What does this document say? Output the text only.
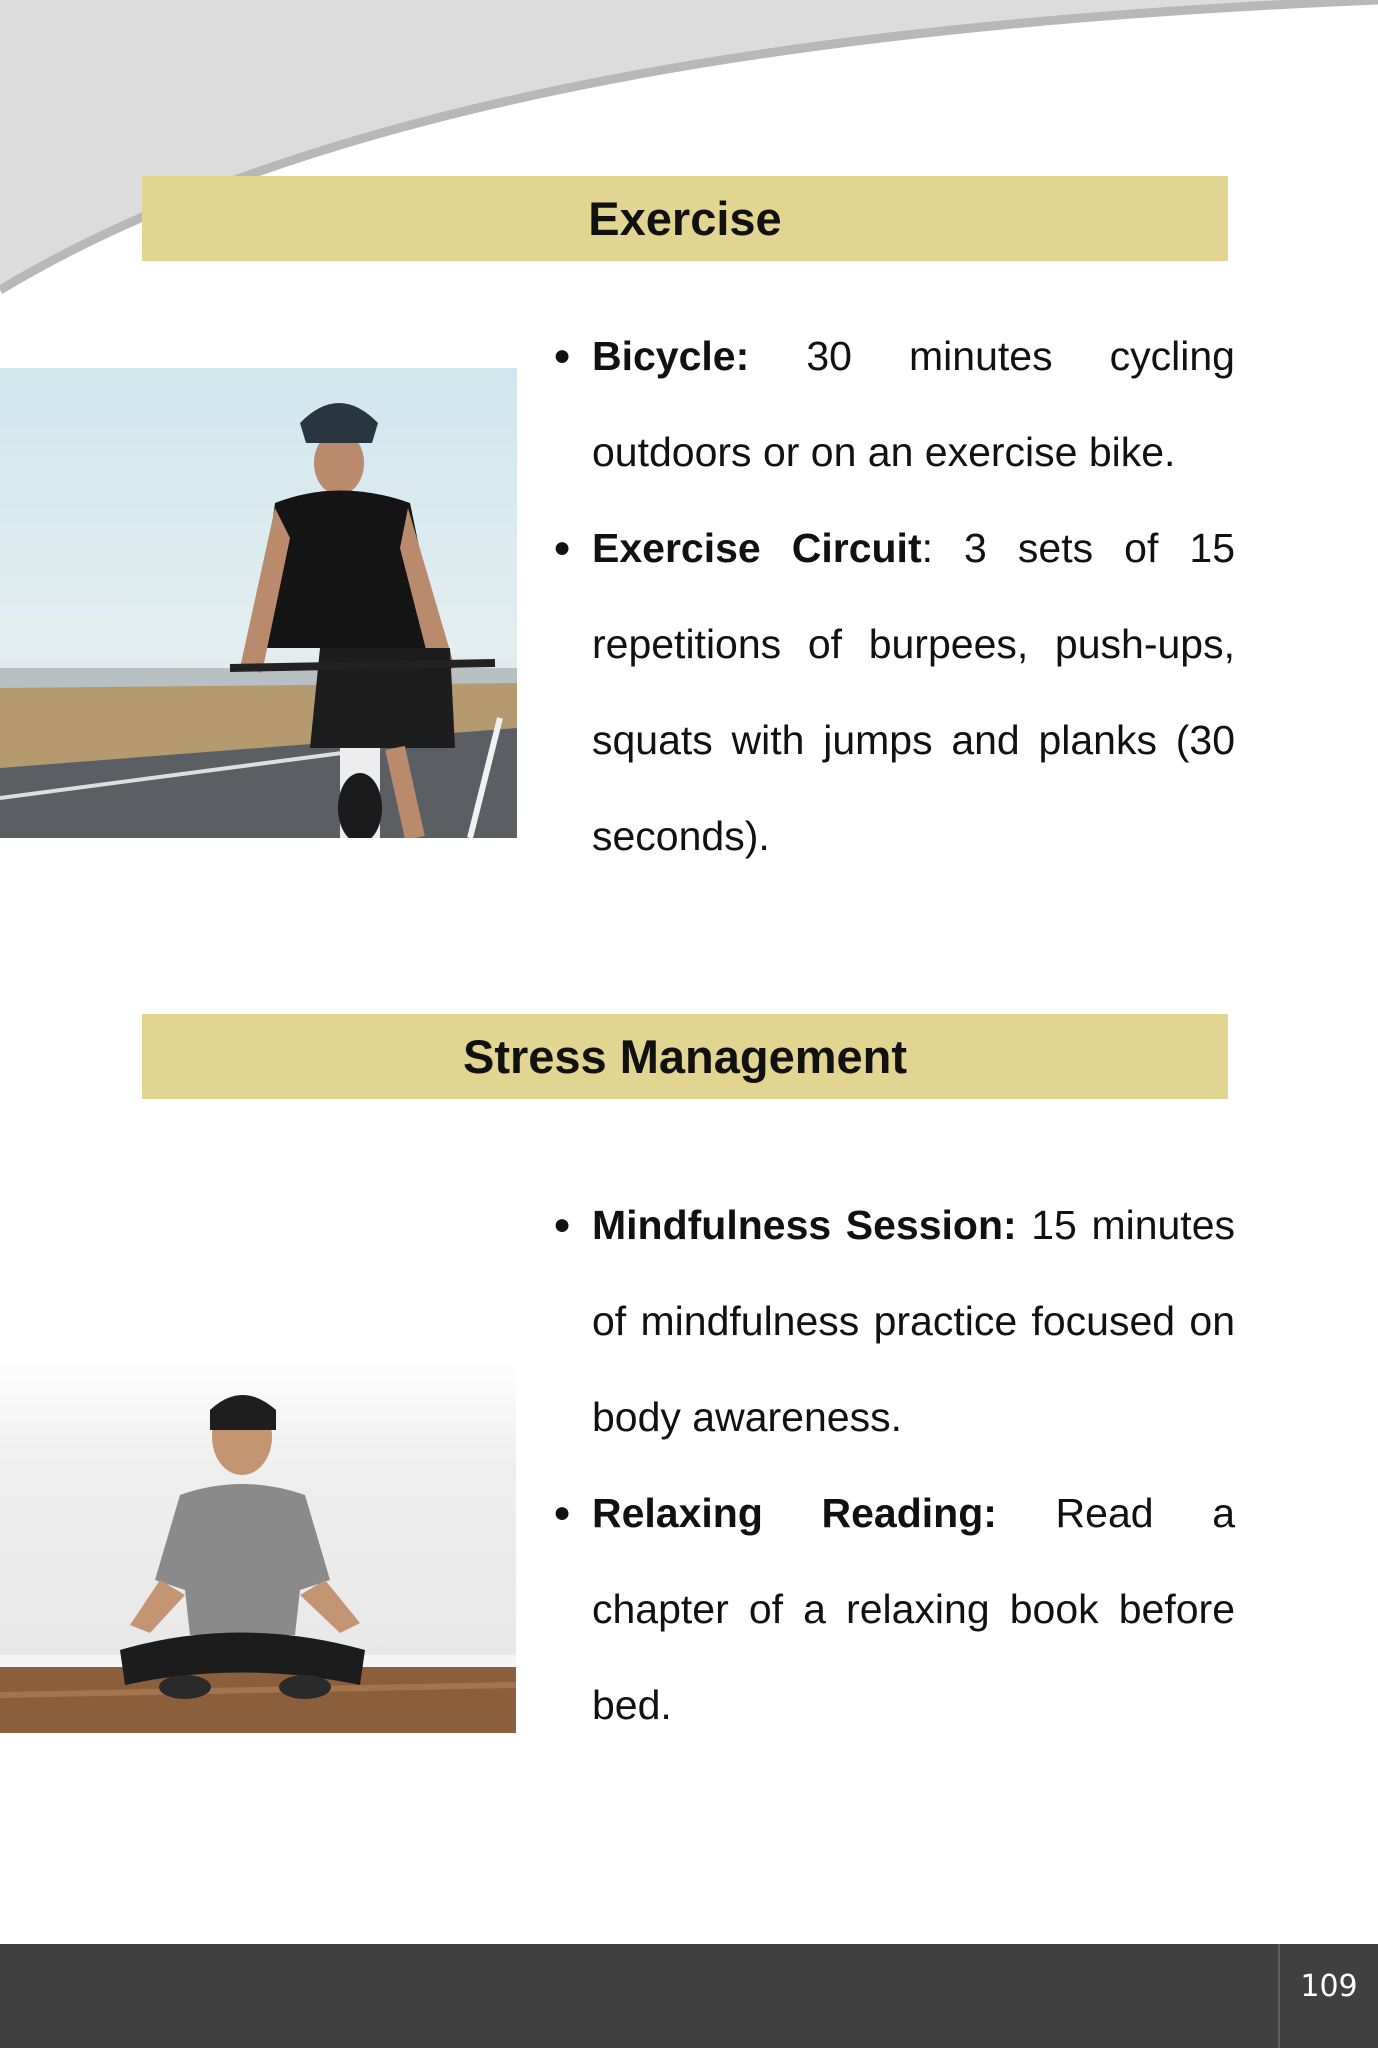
Exercise
● Bicycle: 30 minutes cycling outdoors or on an exercise bike.
● Exercise Circuit: 3 sets of 15 repetitions of burpees, push-ups, squats with jumps and planks (30 seconds).
Stress Management
● Mindfulness Session: 15 minutes of mindfulness practice focused on body awareness.
● Relaxing Reading: Read a chapter of a relaxing book before bed.
109
